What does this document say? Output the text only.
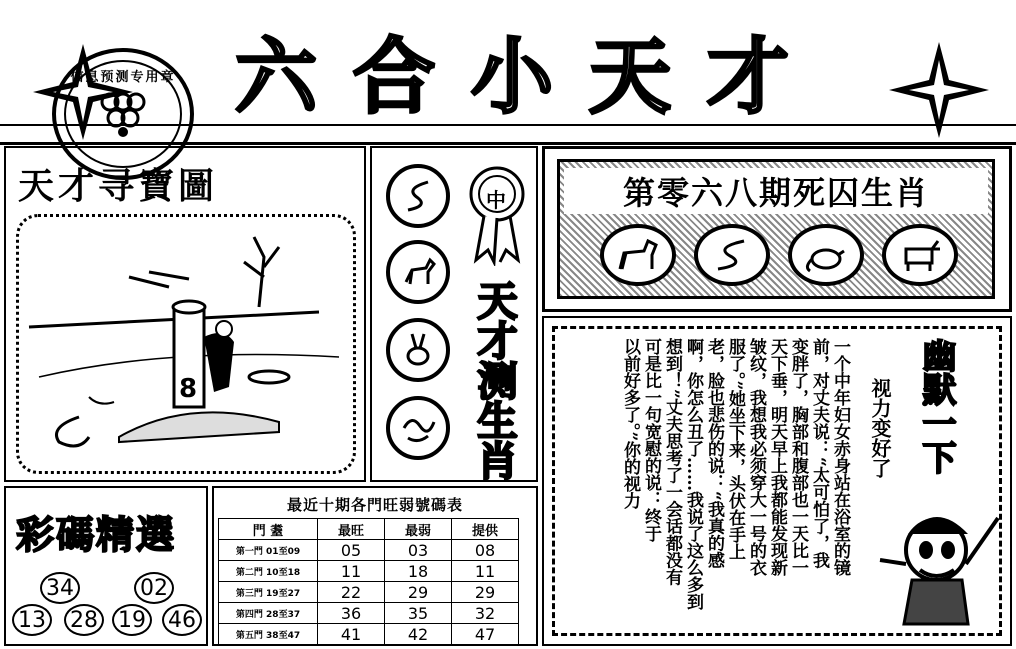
信息预测专用章 六合小天才
天才寻寶圖
8
中
天才测生肖
第零六八期死囚生肖
一个中年妇女赤身站在浴室的镜
前，对丈夫说：“太可怕了，我
变胖了，胸部和腹部也一天比一
天下垂，明天早上我都能发现新
皱纹，我想我必须穿大一号的衣
服了。”她坐下来，头伏在手上
老，脸也悲伤的说：“我真的感
啊，你怎么丑了……我说了这么多到
想到！”丈夫思考了一会话都没有
可是比一句宽慰的说：终于
以前好多了。”你的视力	视力变好了 幽默一下
彩碼精選
34	02
13 28 19 46
最近十期各門旺弱號碼表
門 耋	最旺	最弱	提供
第一門 01至09	05	03	08
第二門 10至18	11	18	11
第三門 19至27	22	29	29
第四門 28至37	36	35	32
第五門 38至47	41	42	47
